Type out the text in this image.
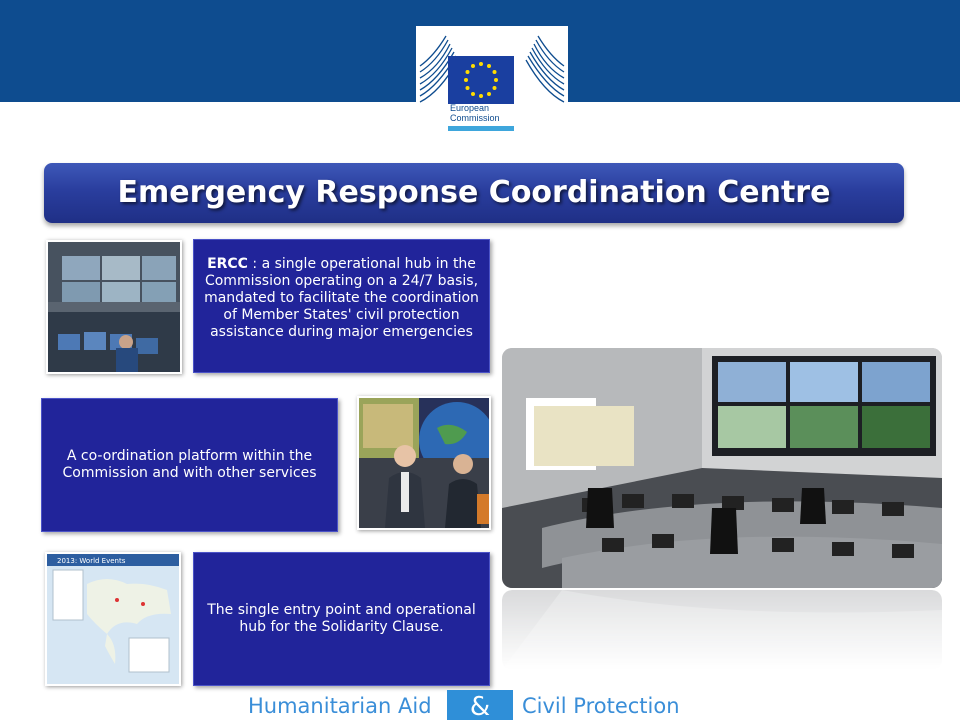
European
Commission
Emergency Response Coordination Centre
ERCC : a single operational hub in the Commission operating on a 24/7 basis, mandated to facilitate the coordination of Member States' civil protection assistance during major emergencies
A co-ordination platform within the Commission and with other services
2013: World Events
The single entry point and operational hub for the Solidarity Clause.
Humanitarian Aid	&	Civil Protection
